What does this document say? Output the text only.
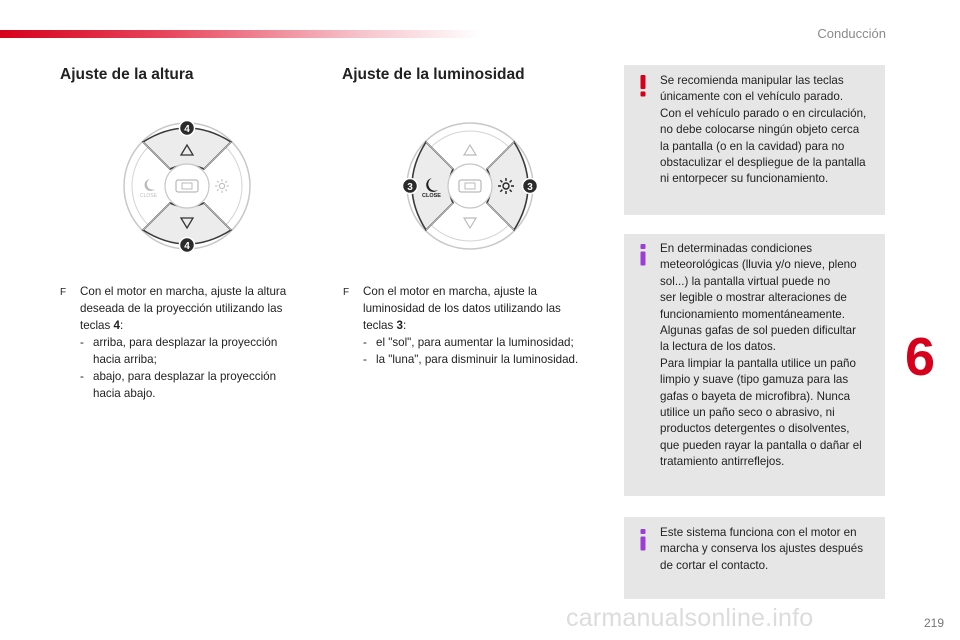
Conducción
Ajuste de la altura
CLOSE
4
4
F	Con el motor en marcha, ajuste la altura
deseada de la proyección utilizando las
teclas 4:
- arriba, para desplazar la proyección
hacia arriba;
- abajo, para desplazar la proyección
hacia abajo.
Ajuste de la luminosidad
CLOSE
3	3
F	Con el motor en marcha, ajuste la
luminosidad de los datos utilizando las
teclas 3:
- el "sol", para aumentar la luminosidad;
- la "luna", para disminuir la luminosidad.
Se recomienda manipular las teclas
únicamente con el vehículo parado.
Con el vehículo parado o en circulación,
no debe colocarse ningún objeto cerca
la pantalla (o en la cavidad) para no
obstaculizar el despliegue de la pantalla
ni entorpecer su funcionamiento.
En determinadas condiciones
meteorológicas (lluvia y/o nieve, pleno
sol...) la pantalla virtual puede no
ser legible o mostrar alteraciones de
funcionamiento momentáneamente.
Algunas gafas de sol pueden dificultar
la lectura de los datos.
Para limpiar la pantalla utilice un paño
limpio y suave (tipo gamuza para las
gafas o bayeta de microfibra). Nunca
utilice un paño seco o abrasivo, ni
productos detergentes o disolventes,
que pueden rayar la pantalla o dañar el
tratamiento antirreflejos.
Este sistema funciona con el motor en
marcha y conserva los ajustes después
de cortar el contacto.
6
carmanualsonline.info	219
